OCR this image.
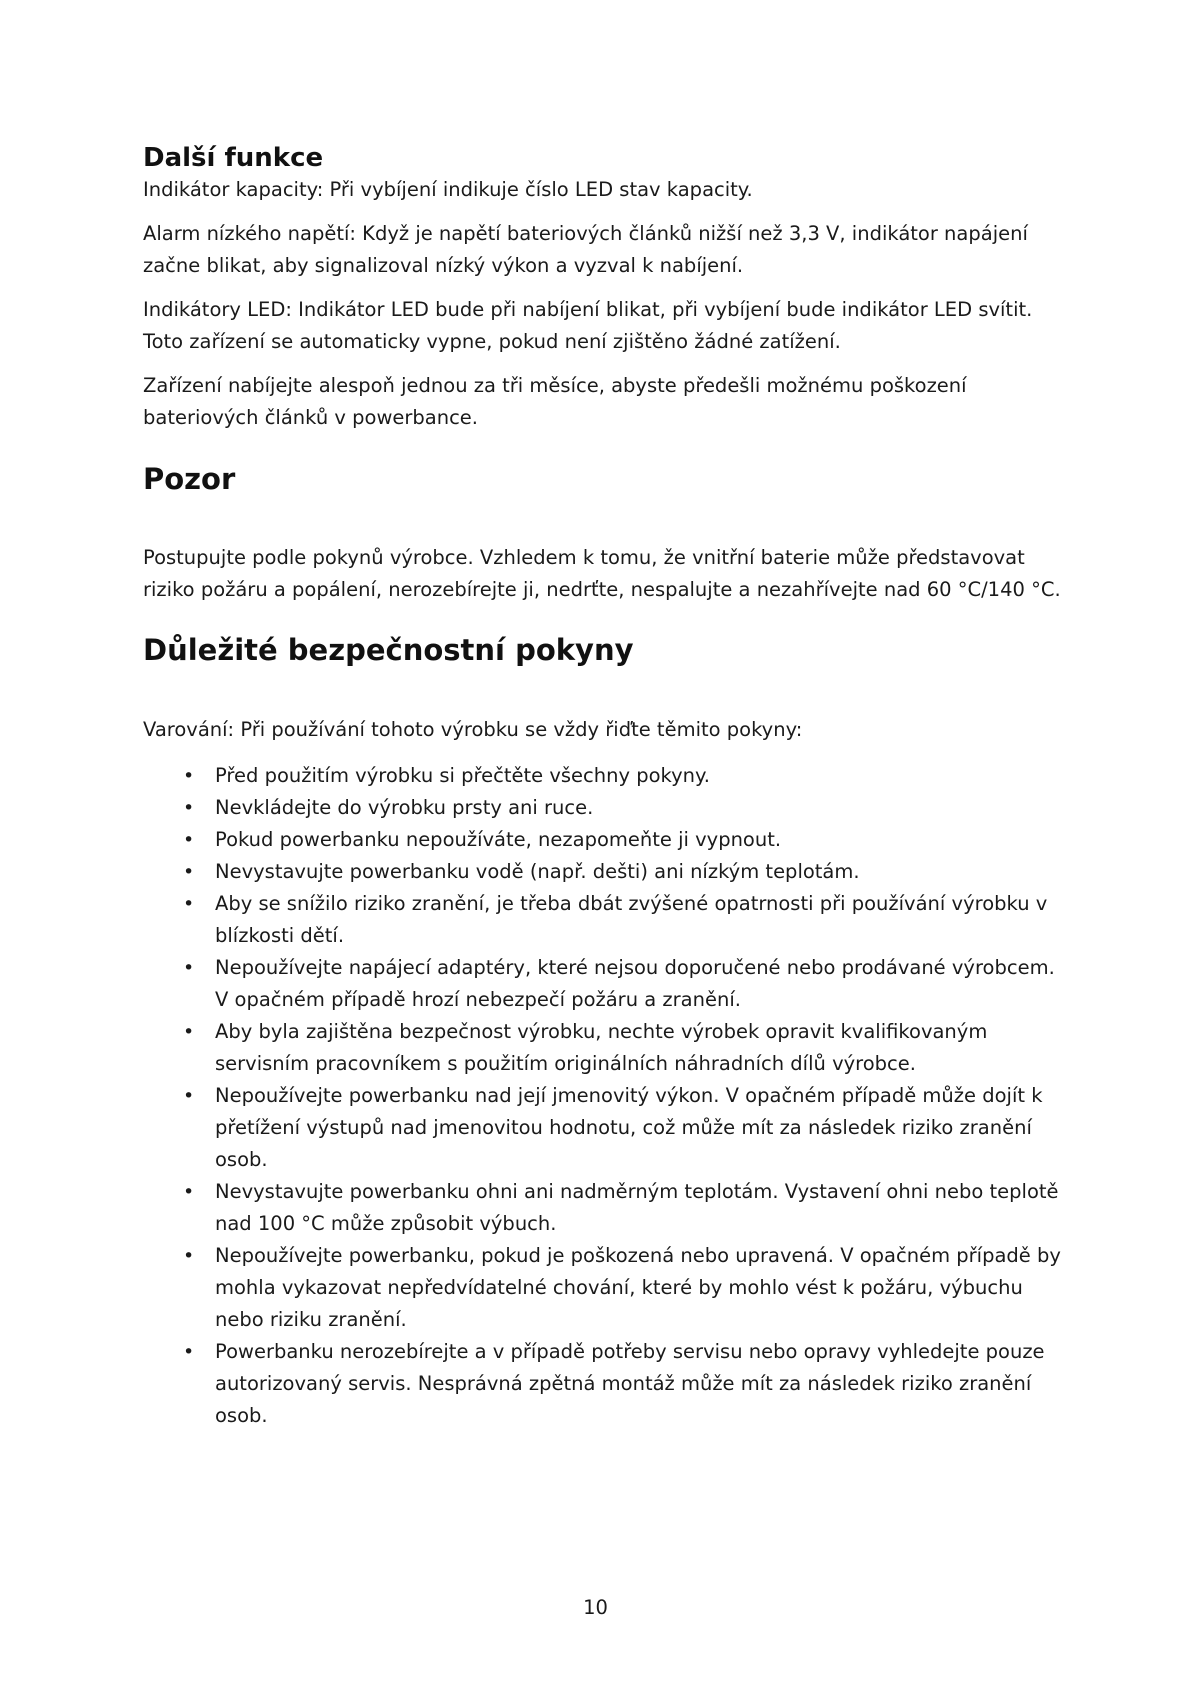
Další funkce

Indikátor kapacity: Při vybíjení indikuje číslo LED stav kapacity.

Alarm nízkého napětí: Když je napětí bateriových článků nižší než 3,3 V, indikátor napájení začne blikat, aby signalizoval nízký výkon a vyzval k nabíjení.

Indikátory LED: Indikátor LED bude při nabíjení blikat, při vybíjení bude indikátor LED svítit. Toto zařízení se automaticky vypne, pokud není zjištěno žádné zatížení.

Zařízení nabíjejte alespoň jednou za tři měsíce, abyste předešli možnému poškození bateriových článků v powerbance.

Pozor

Postupujte podle pokynů výrobce. Vzhledem k tomu, že vnitřní baterie může představovat riziko požáru a popálení, nerozebírejte ji, nedrťte, nespalujte a nezahřívejte nad 60 °C/140 °C.

Důležité bezpečnostní pokyny

Varování: Při používání tohoto výrobku se vždy řiďte těmito pokyny:

• Před použitím výrobku si přečtěte všechny pokyny.
• Nevkládejte do výrobku prsty ani ruce.
• Pokud powerbanku nepoužíváte, nezapomeňte ji vypnout.
• Nevystavujte powerbanku vodě (např. dešti) ani nízkým teplotám.
• Aby se snížilo riziko zranění, je třeba dbát zvýšené opatrnosti při používání výrobku v blízkosti dětí.
• Nepoužívejte napájecí adaptéry, které nejsou doporučené nebo prodávané výrobcem. V opačném případě hrozí nebezpečí požáru a zranění.
• Aby byla zajištěna bezpečnost výrobku, nechte výrobek opravit kvalifikovaným servisním pracovníkem s použitím originálních náhradních dílů výrobce.
• Nepoužívejte powerbanku nad její jmenovitý výkon. V opačném případě může dojít k přetížení výstupů nad jmenovitou hodnotu, což může mít za následek riziko zranění osob.
• Nevystavujte powerbanku ohni ani nadměrným teplotám. Vystavení ohni nebo teplotě nad 100 °C může způsobit výbuch.
• Nepoužívejte powerbanku, pokud je poškozená nebo upravená. V opačném případě by mohla vykazovat nepředvídatelné chování, které by mohlo vést k požáru, výbuchu nebo riziku zranění.
• Powerbanku nerozebírejte a v případě potřeby servisu nebo opravy vyhledejte pouze autorizovaný servis. Nesprávná zpětná montáž může mít za následek riziko zranění osob.
10
